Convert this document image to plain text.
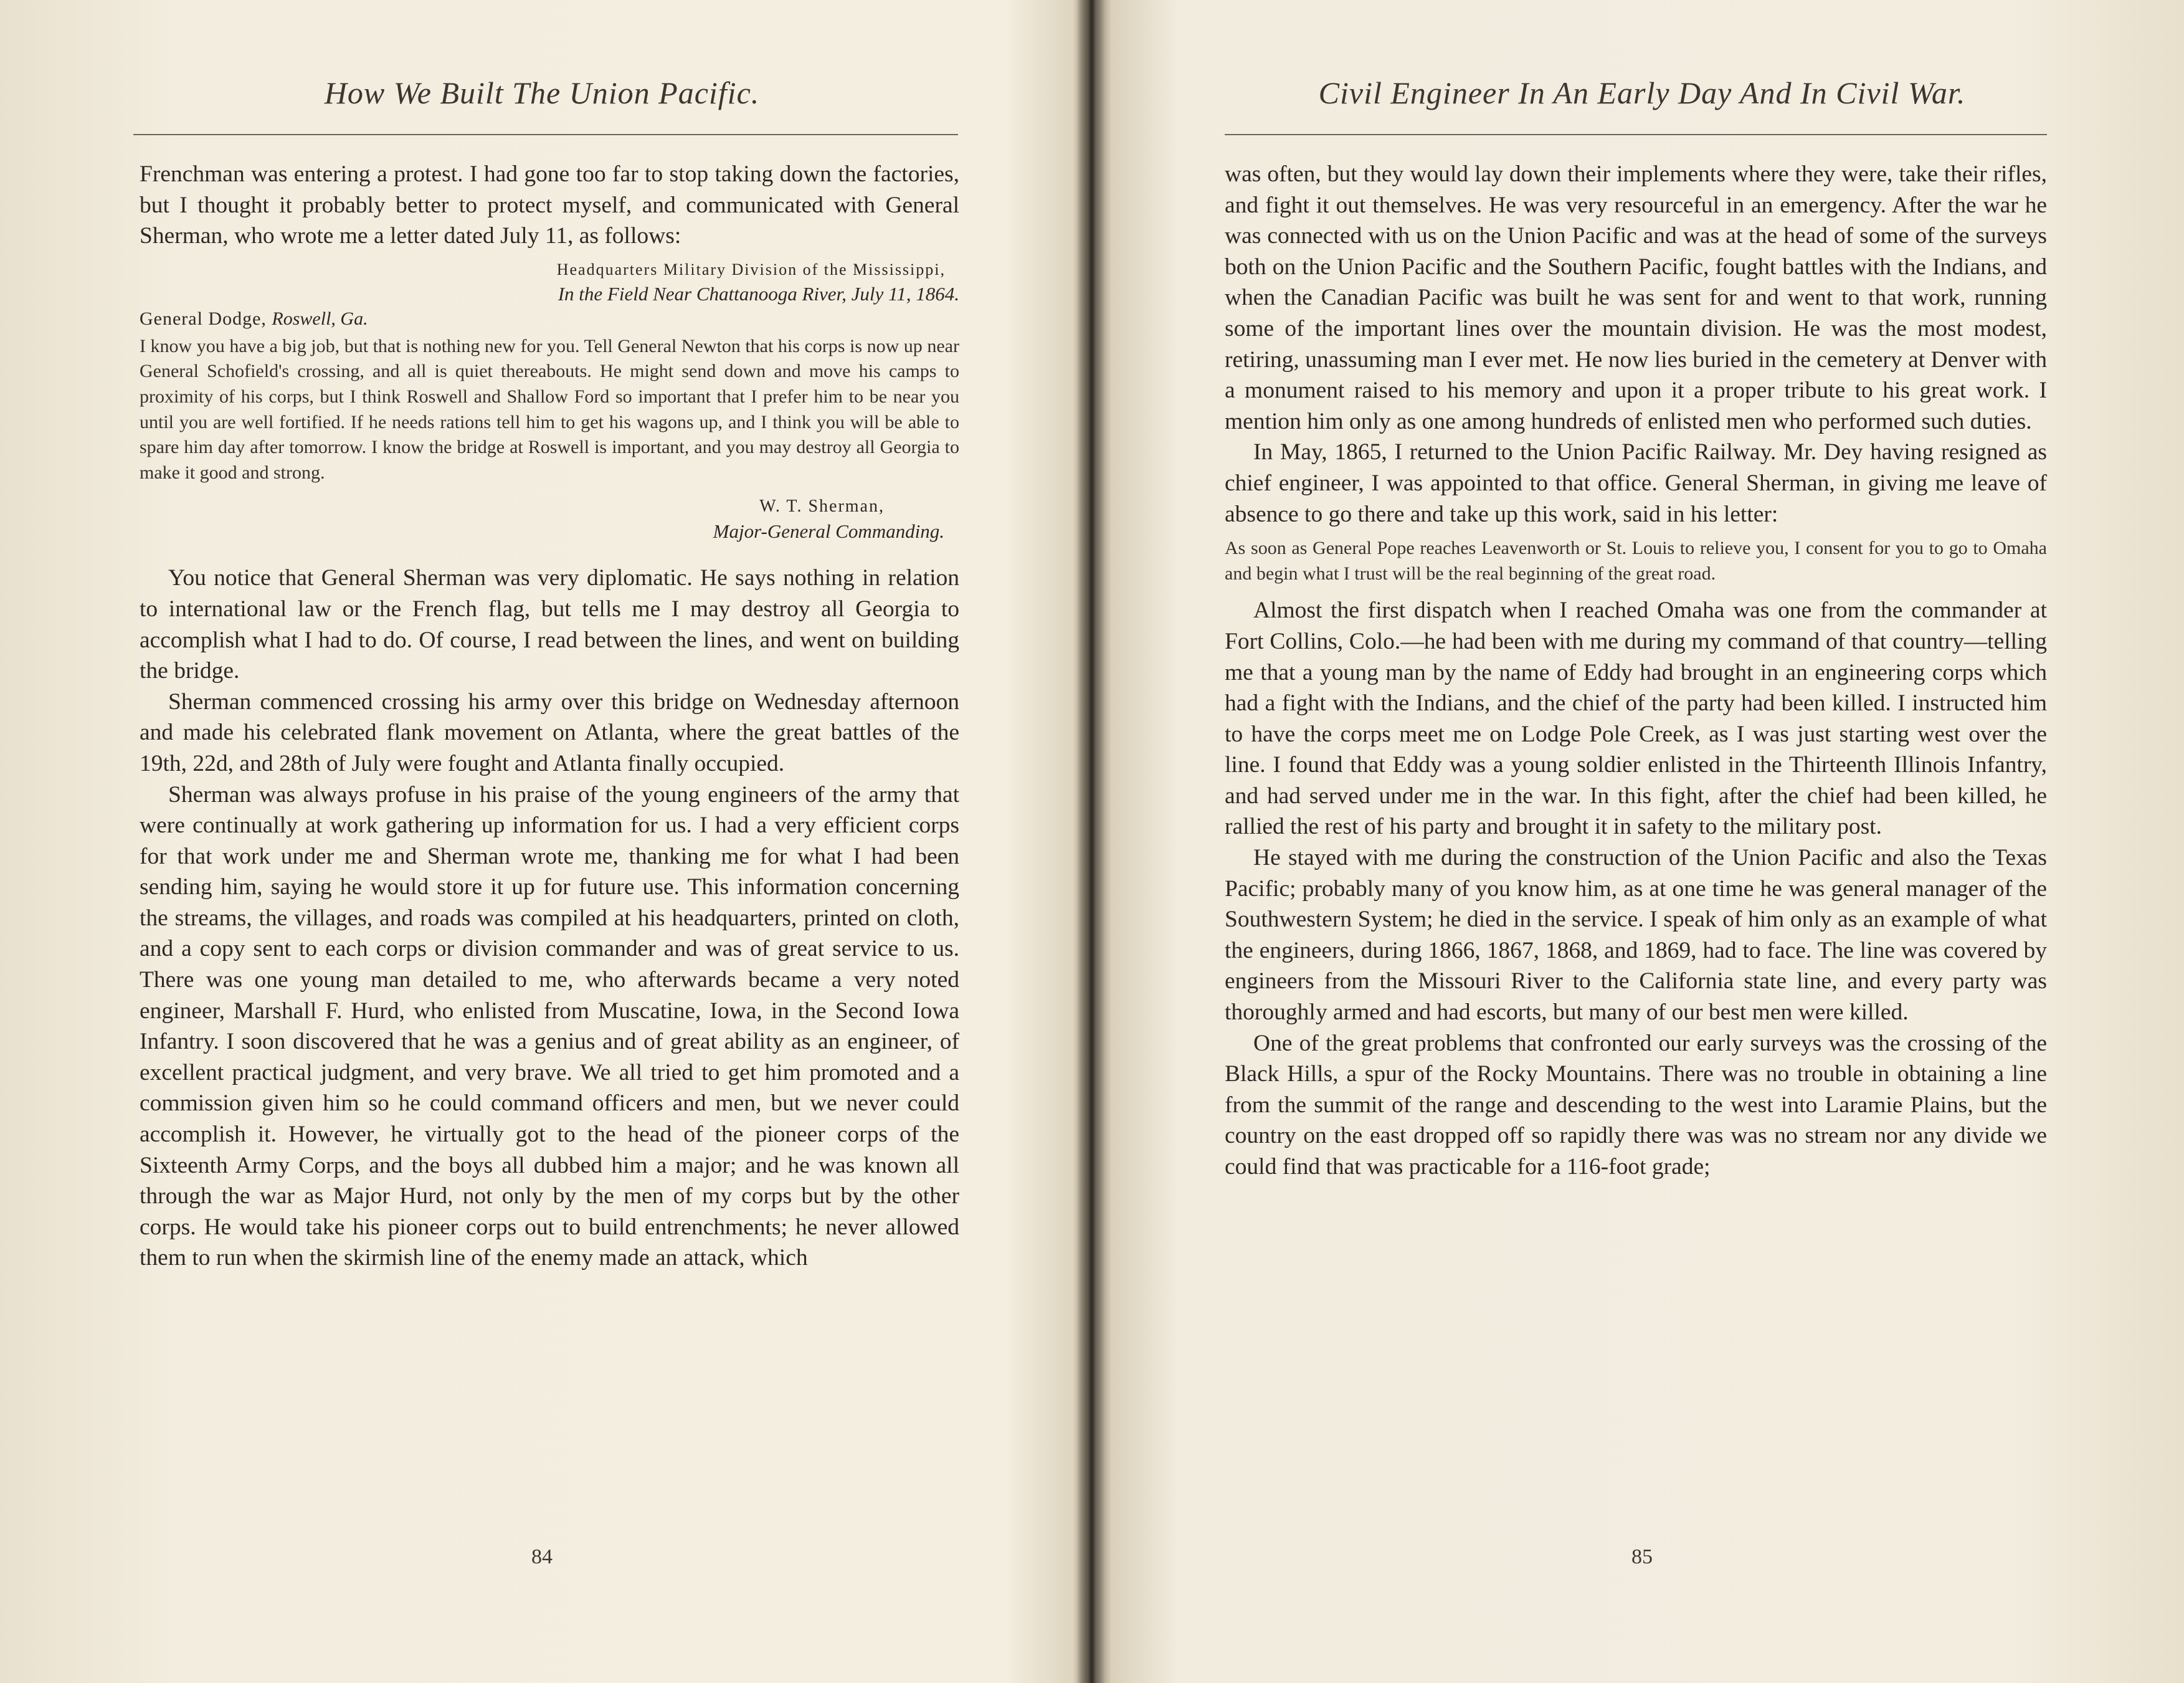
How We Built The Union Pacific.

Frenchman was entering a protest. I had gone too far to stop taking down the factories, but I thought it probably better to protect myself, and communicated with General Sherman, who wrote me a letter dated July 11, as follows:

Headquarters Military Division of the Mississippi,

In the Field Near Chattanooga River, July 11, 1864.

General Dodge, Roswell, Ga.

I know you have a big job, but that is nothing new for you. Tell General Newton that his corps is now up near General Schofield's crossing, and all is quiet thereabouts. He might send down and move his camps to proximity of his corps, but I think Roswell and Shallow Ford so important that I prefer him to be near you until you are well fortified. If he needs rations tell him to get his wagons up, and I think you will be able to spare him day after tomorrow. I know the bridge at Roswell is important, and you may destroy all Georgia to make it good and strong.

W. T. Sherman,

Major-General Commanding.

You notice that General Sherman was very diplomatic. He says nothing in relation to international law or the French flag, but tells me I may destroy all Georgia to accomplish what I had to do. Of course, I read between the lines, and went on building the bridge.

Sherman commenced crossing his army over this bridge on Wednesday afternoon and made his celebrated flank movement on Atlanta, where the great battles of the 19th, 22d, and 28th of July were fought and Atlanta finally occupied.

Sherman was always profuse in his praise of the young engineers of the army that were continually at work gathering up information for us. I had a very efficient corps for that work under me and Sherman wrote me, thanking me for what I had been sending him, saying he would store it up for future use. This information concerning the streams, the villages, and roads was compiled at his headquarters, printed on cloth, and a copy sent to each corps or division commander and was of great service to us. There was one young man detailed to me, who afterwards became a very noted engineer, Marshall F. Hurd, who enlisted from Muscatine, Iowa, in the Second Iowa Infantry. I soon discovered that he was a genius and of great ability as an engineer, of excellent practical judgment, and very brave. We all tried to get him promoted and a commission given him so he could command officers and men, but we never could accomplish it. However, he virtually got to the head of the pioneer corps of the Sixteenth Army Corps, and the boys all dubbed him a major; and he was known all through the war as Major Hurd, not only by the men of my corps but by the other corps. He would take his pioneer corps out to build entrenchments; he never allowed them to run when the skirmish line of the enemy made an attack, which

84
Civil Engineer In An Early Day And In Civil War.

was often, but they would lay down their implements where they were, take their rifles, and fight it out themselves. He was very resourceful in an emergency. After the war he was connected with us on the Union Pacific and was at the head of some of the surveys both on the Union Pacific and the Southern Pacific, fought battles with the Indians, and when the Canadian Pacific was built he was sent for and went to that work, running some of the important lines over the mountain division. He was the most modest, retiring, unassuming man I ever met. He now lies buried in the cemetery at Denver with a monument raised to his memory and upon it a proper tribute to his great work. I mention him only as one among hundreds of enlisted men who performed such duties.

In May, 1865, I returned to the Union Pacific Railway. Mr. Dey having resigned as chief engineer, I was appointed to that office. General Sherman, in giving me leave of absence to go there and take up this work, said in his letter:

As soon as General Pope reaches Leavenworth or St. Louis to relieve you, I consent for you to go to Omaha and begin what I trust will be the real beginning of the great road.

Almost the first dispatch when I reached Omaha was one from the commander at Fort Collins, Colo.—he had been with me during my command of that country—telling me that a young man by the name of Eddy had brought in an engineering corps which had a fight with the Indians, and the chief of the party had been killed. I instructed him to have the corps meet me on Lodge Pole Creek, as I was just starting west over the line. I found that Eddy was a young soldier enlisted in the Thirteenth Illinois Infantry, and had served under me in the war. In this fight, after the chief had been killed, he rallied the rest of his party and brought it in safety to the military post.

He stayed with me during the construction of the Union Pacific and also the Texas Pacific; probably many of you know him, as at one time he was general manager of the Southwestern System; he died in the service. I speak of him only as an example of what the engineers, during 1866, 1867, 1868, and 1869, had to face. The line was covered by engineers from the Missouri River to the California state line, and every party was thoroughly armed and had escorts, but many of our best men were killed.

One of the great problems that confronted our early surveys was the crossing of the Black Hills, a spur of the Rocky Mountains. There was no trouble in obtaining a line from the summit of the range and descending to the west into Laramie Plains, but the country on the east dropped off so rapidly there was was no stream nor any divide we could find that was practicable for a 116-foot grade;

85
